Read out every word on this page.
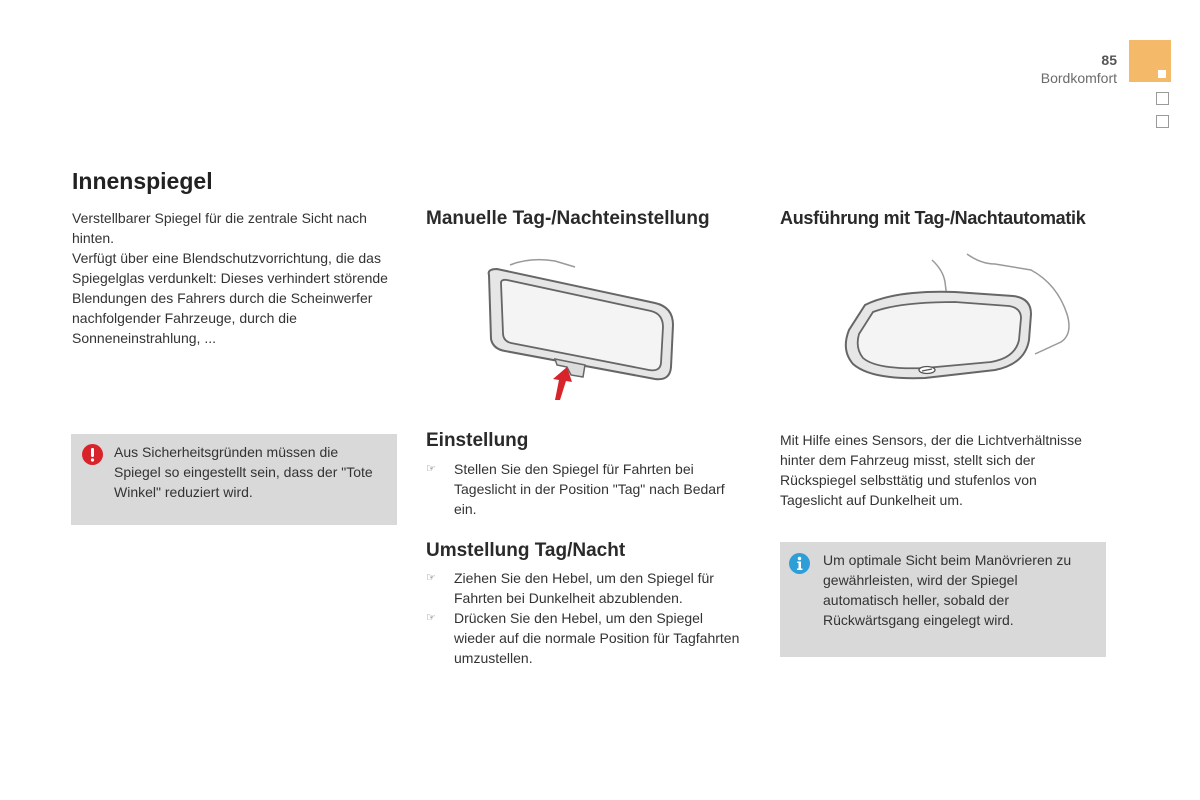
85
Bordkomfort
Innenspiegel

Verstellbarer Spiegel für die zentrale Sicht nach hinten.

Verfügt über eine Blendschutzvorrichtung, die das Spiegelglas verdunkelt: Dieses verhindert störende Blendungen des Fahrers durch die Scheinwerfer nachfolgender Fahrzeuge, durch die Sonneneinstrahlung, ...

Aus Sicherheitsgründen müssen die Spiegel so eingestellt sein, dass der "Tote Winkel" reduziert wird.
Manuelle Tag-/Nachteinstellung
Einstellung
☞ Stellen Sie den Spiegel für Fahrten bei Tageslicht in der Position "Tag" nach Bedarf ein.
Umstellung Tag/Nacht
☞ Ziehen Sie den Hebel, um den Spiegel für Fahrten bei Dunkelheit abzublenden.
☞ Drücken Sie den Hebel, um den Spiegel wieder auf die normale Position für Tagfahrten umzustellen.
Ausführung mit Tag-/Nachtautomatik
Mit Hilfe eines Sensors, der die Lichtverhältnisse hinter dem Fahrzeug misst, stellt sich der Rückspiegel selbsttätig und stufenlos von Tageslicht auf Dunkelheit um.
Um optimale Sicht beim Manövrieren zu gewährleisten, wird der Spiegel automatisch heller, sobald der Rückwärtsgang eingelegt wird.
